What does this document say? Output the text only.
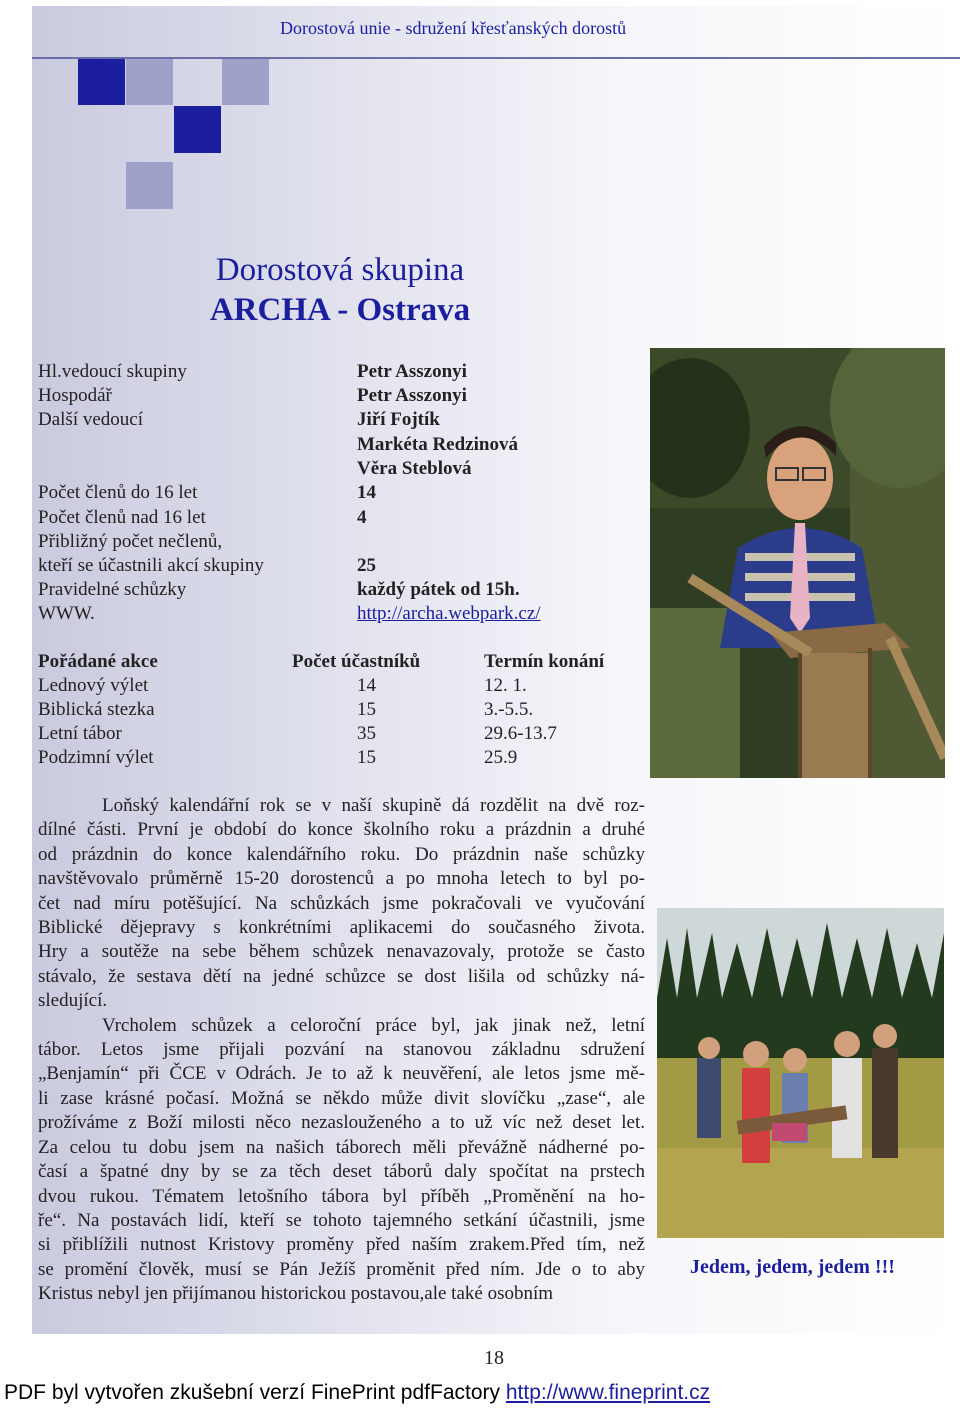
Dorostová unie - sdružení křesťanských dorostů
Dorostová skupina
ARCHA - Ostrava
Hl.vedoucí skupiny	Petr Asszonyi
Hospodář	Petr Asszonyi
Další vedoucí	Jiří Fojtík
Markéta Redzinová
Věra Steblová
Počet členů do 16 let	14
Počet členů nad 16 let	4
Přibližný počet nečlenů,
kteří se účastnili akcí skupiny	25
Pravidelné schůzky	každý pátek od 15h.
WWW.	http://archa.webpark.cz/
Pořádané akce	Počet účastníků	Termín konání
Lednový výlet	14	12. 1.
Biblická stezka	15	3.-5.5.
Letní tábor	35	29.6-13.7
Podzimní výlet	15	25.9
Loňský kalendářní rok se v naší skupině dá rozdělit na dvě roz-
dílné části. První je období do konce školního roku a prázdnin a druhé
od prázdnin do konce kalendářního roku. Do prázdnin naše schůzky
navštěvovalo průměrně 15-20 dorostenců a po mnoha letech to byl po-
čet nad míru potěšující. Na schůzkách jsme pokračovali ve vyučování
Biblické dějepravy s konkrétními aplikacemi do současného života.
Hry a soutěže na sebe během schůzek nenavazovaly, protože se často
stávalo, že sestava dětí na jedné schůzce se dost lišila od schůzky ná-
sledující.
Vrcholem schůzek a celoroční práce byl, jak jinak než, letní
tábor. Letos jsme přijali pozvání na stanovou základnu sdružení
„Benjamín“ při ČCE v Odrách. Je to až k neuvěření, ale letos jsme mě-
li zase krásné počasí. Možná se někdo může divit slovíčku „zase“, ale
prožíváme z Boží milosti něco nezaslouženého a to už víc než deset let.
Za celou tu dobu jsem na našich táborech měli převážně nádherné po-
časí a špatné dny by se za těch deset táborů daly spočítat na prstech
dvou rukou. Tématem letošního tábora byl příběh „Proměnění na ho-
ře“. Na postavách lidí, kteří se tohoto tajemného setkání účastnili, jsme
si přiblížili nutnost Kristovy proměny před naším zrakem.Před tím, než
se promění člověk, musí se Pán Ježíš proměnit před ním. Jde o to aby
Kristus nebyl jen přijímanou historickou postavou,ale také osobním
Jedem, jedem, jedem !!!
18
PDF byl vytvořen zkušební verzí FinePrint pdfFactory http://www.fineprint.cz
